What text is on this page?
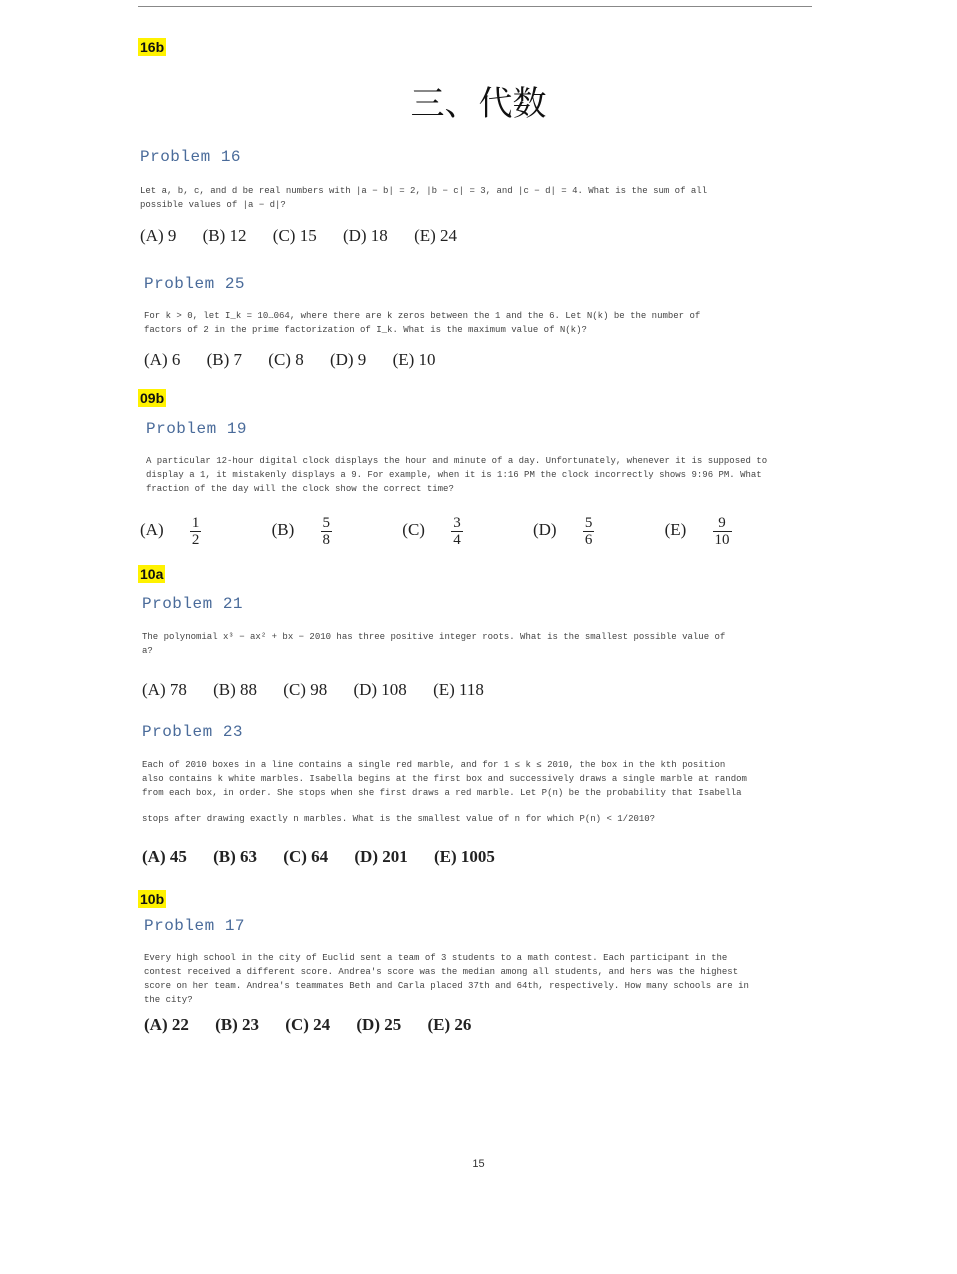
三、代数
16b
Problem 16
Let a, b, c, and d be real numbers with |a − b| = 2, |b − c| = 3, and |c − d| = 4. What is the sum of all
possible values of |a − d|?
(A) 9 (B) 12 (C) 15 (D) 18 (E) 24
Problem 25
For k > 0, let I_k = 10…064, where there are k zeros between the 1 and the 6. Let N(k) be the number of
factors of 2 in the prime factorization of I_k. What is the maximum value of N(k)?
(A) 6 (B) 7 (C) 8 (D) 9 (E) 10
09b
Problem 19
A particular 12-hour digital clock displays the hour and minute of a day. Unfortunately, whenever it is supposed to
display a 1, it mistakenly displays a 9. For example, when it is 1:16 PM the clock incorrectly shows 9:96 PM. What
fraction of the day will the clock show the correct time?
$(A) \frac{1}{2}$	$(B) \frac{5}{8}$	$(C) \frac{3}{4}$	$(D) \frac{5}{6}$	$(E) \frac{9}{10}$
10a
Problem 21
The polynomial x³ − ax² + bx − 2010 has three positive integer roots. What is the smallest possible value of
a?
(A) 78 (B) 88 (C) 98 (D) 108 (E) 118
Problem 23
Each of 2010 boxes in a line contains a single red marble, and for 1 ≤ k ≤ 2010, the box in the kth position
also contains k white marbles. Isabella begins at the first box and successively draws a single marble at random
from each box, in order. She stops when she first draws a red marble. Let P(n) be the probability that Isabella
stops after drawing exactly n marbles. What is the smallest value of n for which P(n) < 1/2010?
(A) 45 (B) 63 (C) 64 (D) 201 (E) 1005
10b
Problem 17
Every high school in the city of Euclid sent a team of 3 students to a math contest. Each participant in the
contest received a different score. Andrea's score was the median among all students, and hers was the highest
score on her team. Andrea's teammates Beth and Carla placed 37th and 64th, respectively. How many schools are in
the city?
(A) 22 (B) 23 (C) 24 (D) 25 (E) 26
15
